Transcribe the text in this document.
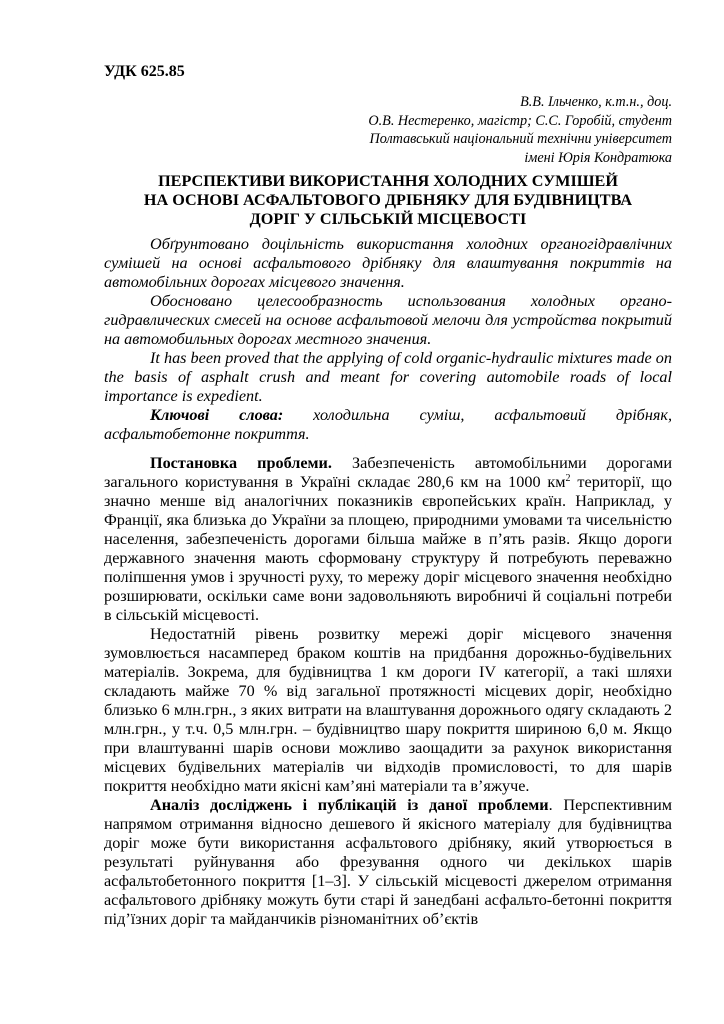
УДК 625.85
В.В. Ільченко, к.т.н., доц.
О.В. Нестеренко, магістр; С.С. Горобій, студент
Полтавський національний технічни університет
імені Юрія Кондратюка
ПЕРСПЕКТИВИ ВИКОРИСТАННЯ ХОЛОДНИХ СУМІШЕЙ
НА ОСНОВІ АСФАЛЬТОВОГО ДРІБНЯКУ ДЛЯ БУДІВНИЦТВА
ДОРІГ У СІЛЬСЬКІЙ МІСЦЕВОСТІ

Обґрунтовано доцільність використання холодних органогідравлічних сумішей на основі асфальтового дрібняку для влаштування покриттів на автомобільних дорогах місцевого значення.

Обосновано целесообразность использования холодных органо-гидравлических смесей на основе асфальтовой мелочи для устройства покрытий на автомобильных дорогах местного значения.

It has been proved that the applying of cold organic-hydraulic mixtures made on the basis of asphalt crush and meant for covering automobile roads of local importance is expedient.

Ключові слова: холодильна суміш, асфальтовий дрібняк, асфальтобетонне покриття.

Постановка проблеми. Забезпеченість автомобільними дорогами загального користування в Україні складає 280,6 км на 1000 $км^2$ території, що значно менше від аналогічних показників європейських країн. Наприклад, у Франції, яка близька до України за площею, природними умовами та чисельністю населення, забезпеченість дорогами більша майже в п’ять разів. Якщо дороги державного значення мають сформовану структуру й потребують переважно поліпшення умов і зручності руху, то мережу доріг місцевого значення необхідно розширювати, оскільки саме вони задовольняють виробничі й соціальні потреби в сільській місцевості.

Недостатній рівень розвитку мережі доріг місцевого значення зумовлюється насамперед браком коштів на придбання дорожньо-будівельних матеріалів. Зокрема, для будівництва 1 км дороги IV категорії, а такі шляхи складають майже 70 % від загальної протяжності місцевих доріг, необхідно близько 6 млн.грн., з яких витрати на влаштування дорожнього одягу складають 2 млн.грн., у т.ч. 0,5 млн.грн. – будівництво шару покриття шириною 6,0 м. Якщо при влаштуванні шарів основи можливо заощадити за рахунок використання місцевих будівельних матеріалів чи відходів промисловості, то для шарів покриття необхідно мати якісні кам’яні матеріали та в’яжуче.

Аналіз досліджень і публікацій із даної проблеми. Перспективним напрямом отримання відносно дешевого й якісного матеріалу для будівництва доріг може бути використання асфальтового дрібняку, який утворюється в результаті руйнування або фрезування одного чи декількох шарів асфальтобетонного покриття [1–3]. У сільській місцевості джерелом отримання асфальтового дрібняку можуть бути старі й занедбані асфальто-бетонні покриття під’їзних доріг та майданчиків різноманітних об’єктів
